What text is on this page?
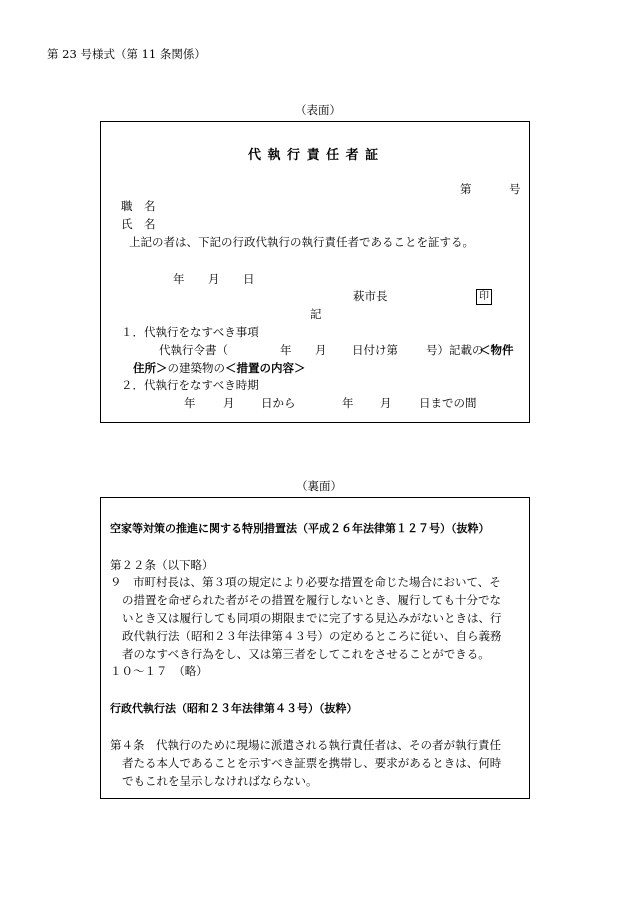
第 23 号様式（第 11 条関係）
（表面）
代 執 行 責 任 者 証
第	号
職　名
氏　名
上記の者は、下記の行政代執行の執行責任者であることを証する。
年 月 日
萩市長	印
記
１．代執行をなすべき事項
代執行令書（	年 月 日付け第 号）記載の
＜物件
住所＞の建築物の＜措置の内容＞
２．代執行をなすべき時期
年 月 日から	年 月 日までの間
（裏面）
空家等対策の推進に関する特別措置法（平成２６年法律第１２７号）（抜粋）
第２２条（以下略）
９　市町村長は、第３項の規定により必要な措置を命じた場合において、そ
の措置を命ぜられた者がその措置を履行しないとき、履行しても十分でな
いとき又は履行しても同項の期限までに完了する見込みがないときは、行
政代執行法（昭和２３年法律第４３号）の定めるところに従い、自ら義務
者のなすべき行為をし、又は第三者をしてこれをさせることができる。
１０～１７　（略）
行政代執行法（昭和２３年法律第４３号）（抜粋）
第４条　代執行のために現場に派遣される執行責任者は、その者が執行責任
者たる本人であることを示すべき証票を携帯し、要求があるときは、何時
でもこれを呈示しなければならない。
